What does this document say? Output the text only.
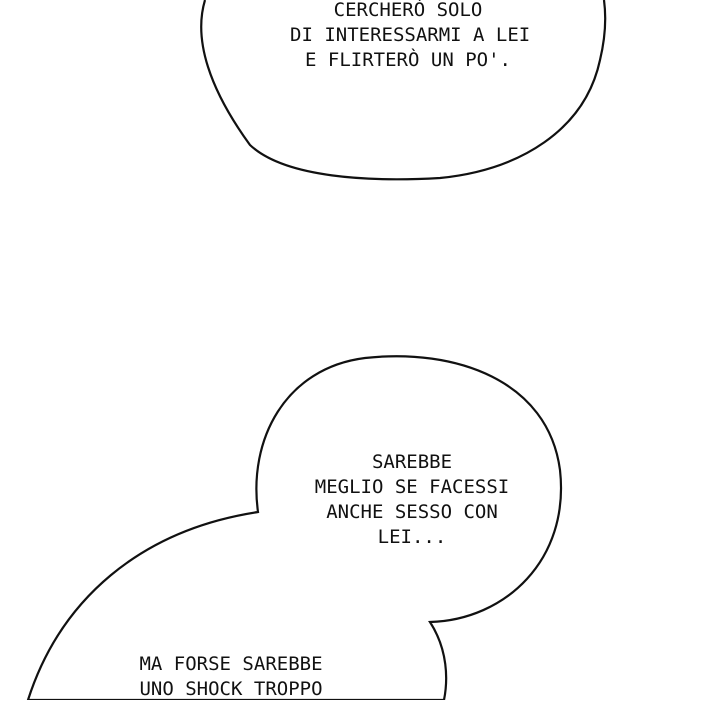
CERCHERÒ SOLO
DI INTERESSARMI A LEI
E FLIRTERÒ UN PO'.
SAREBBE
MEGLIO SE FACESSI
ANCHE SESSO CON
LEI...
MA FORSE SAREBBE
UNO SHOCK TROPPO
